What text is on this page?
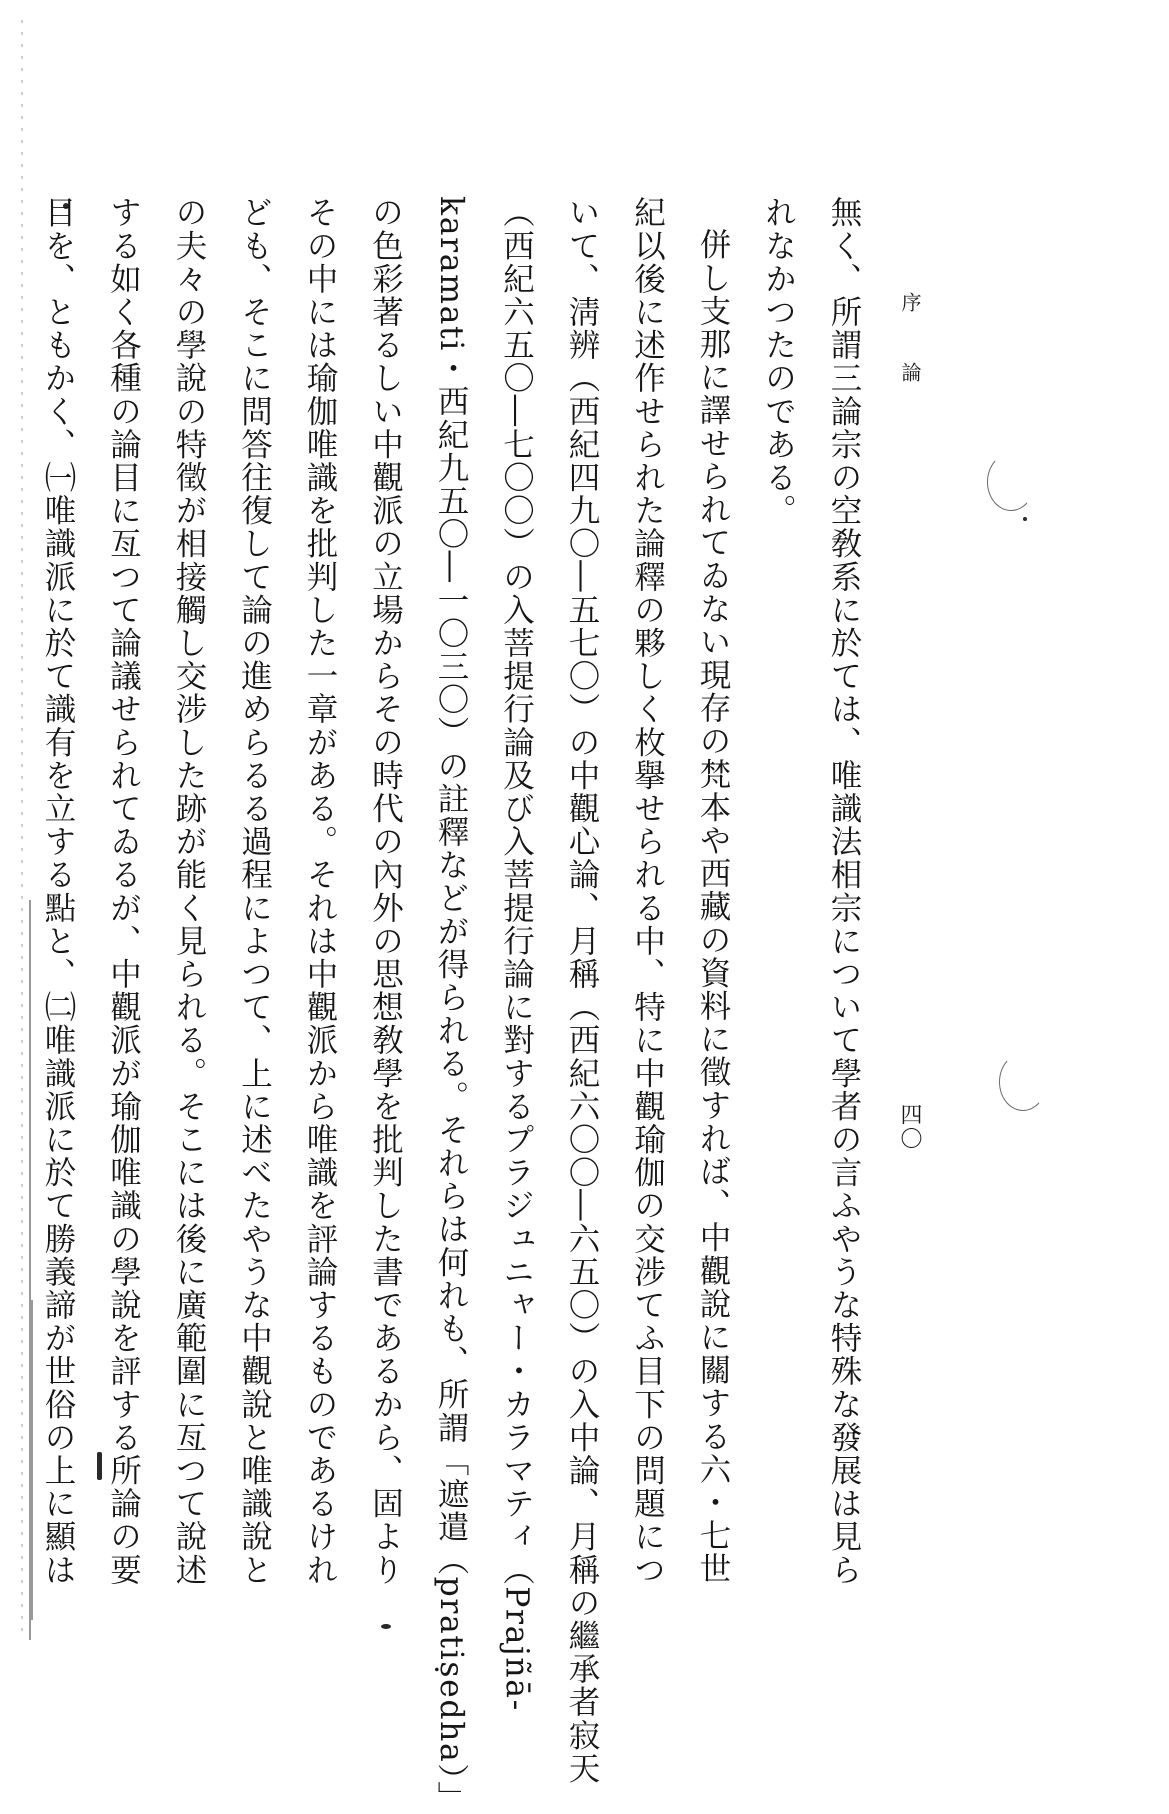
序論
四〇
無く、所謂三論宗の空敎系に於ては、唯識法相宗について學者の言ふやうな特殊な發展は見ら
れなかつたのである。
併し支那に譯せられてゐない現存の梵本や西藏の資料に徵すれば、中觀說に關する六・七世
紀以後に述作せられた論釋の夥しく枚擧せられる中、特に中觀瑜伽の交涉てふ目下の問題につ
いて、淸辨（西紀四九〇―五七〇）の中觀心論、月稱（西紀六〇〇―六五〇）の入中論、月稱の繼承者寂天
（西紀六五〇―七〇〇）の入菩提行論及び入菩提行論に對するプラジュニャー・カラマティ（Prajñā-
karamati・西紀九五〇―一〇三〇）の註釋などが得られる。それらは何れも、所謂「遮遣（pratiṣedha）」
の色彩著るしい中觀派の立場からその時代の內外の思想敎學を批判した書であるから、固より
その中には瑜伽唯識を批判した一章がある。それは中觀派から唯識を評論するものであるけれ
ども、そこに問答往復して論の進めらるる過程によつて、上に述べたやうな中觀說と唯識說と
の夫々の學說の特徵が相接觸し交涉した跡が能く見られる。そこには後に廣範圍に亙つて說述
する如く各種の論目に亙つて論議せられてゐるが、中觀派が瑜伽唯識の學說を評する所論の要
目を、ともかく、㈠唯識派に於て識有を立する點と、㈡唯識派に於て勝義諦が世俗の上に顯は
